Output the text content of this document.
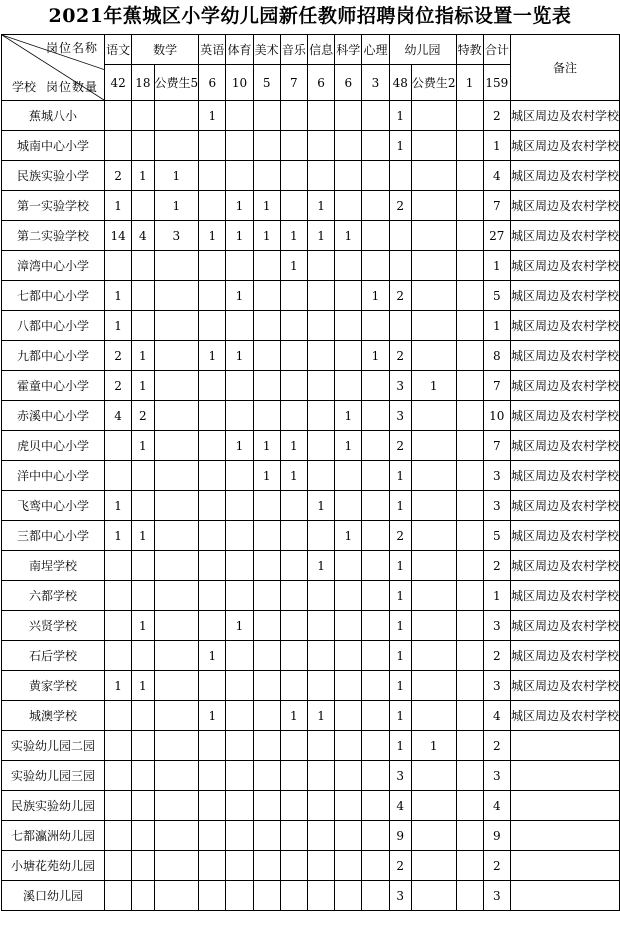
2021年蕉城区小学幼儿园新任教师招聘岗位指标设置一览表
岗位名称
岗位数量
学校	语文	数学		英语	体育	美术	音乐	信息	科学	心理	幼儿园		特教	合计	备注
	42	18	公费生5	6	10	5	7	6	6	3	48	公费生2	1	159	
蕉城八小				1							1			2	城区周边及农村学校
城南中心小学											1			1	城区周边及农村学校
民族实验小学	2	1	1											4	城区周边及农村学校
第一实验学校	1		1		1	1		1			2			7	城区周边及农村学校
第二实验学校	14	4	3	1	1	1	1	1	1					27	城区周边及农村学校
漳湾中心小学							1							1	城区周边及农村学校
七都中心小学	1				1					1	2			5	城区周边及农村学校
八都中心小学	1													1	城区周边及农村学校
九都中心小学	2	1		1	1					1	2			8	城区周边及农村学校
霍童中心小学	2	1									3	1		7	城区周边及农村学校
赤溪中心小学	4	2							1		3			10	城区周边及农村学校
虎贝中心小学		1			1	1	1		1		2			7	城区周边及农村学校
洋中中心小学						1	1				1			3	城区周边及农村学校
飞鸾中心小学	1							1			1			3	城区周边及农村学校
三都中心小学	1	1							1		2			5	城区周边及农村学校
南埕学校								1			1			2	城区周边及农村学校
六都学校											1			1	城区周边及农村学校
兴贤学校		1			1						1			3	城区周边及农村学校
石后学校				1							1			2	城区周边及农村学校
黄家学校	1	1									1			3	城区周边及农村学校
城澳学校				1			1	1			1			4	城区周边及农村学校
实验幼儿园二园											1	1		2	
实验幼儿园三园											3			3	
民族实验幼儿园											4			4	
七都瀛洲幼儿园											9			9	
小塘花苑幼儿园											2			2	
溪口幼儿园											3			3	
